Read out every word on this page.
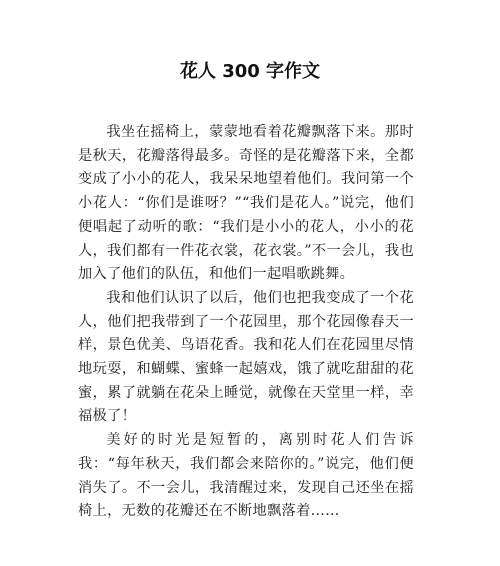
花人 300 字作文

我坐在摇椅上，蒙蒙地看着花瓣飘落下来。那时是秋天，花瓣落得最多。奇怪的是花瓣落下来，全都变成了小小的花人，我呆呆地望着他们。我问第一个小花人：“你们是谁呀？”“我们是花人。”说完，他们便唱起了动听的歌：“我们是小小的花人，小小的花人，我们都有一件花衣裳，花衣裳。”不一会儿，我也加入了他们的队伍，和他们一起唱歌跳舞。

我和他们认识了以后，他们也把我变成了一个花人，他们把我带到了一个花园里，那个花园像春天一样，景色优美、鸟语花香。我和花人们在花园里尽情地玩耍，和蝴蝶、蜜蜂一起嬉戏，饿了就吃甜甜的花蜜，累了就躺在花朵上睡觉，就像在天堂里一样，幸福极了！

美好的时光是短暂的，离别时花人们告诉我：“每年秋天，我们都会来陪你的。”说完，他们便消失了。不一会儿，我清醒过来，发现自己还坐在摇椅上，无数的花瓣还在不断地飘落着……
